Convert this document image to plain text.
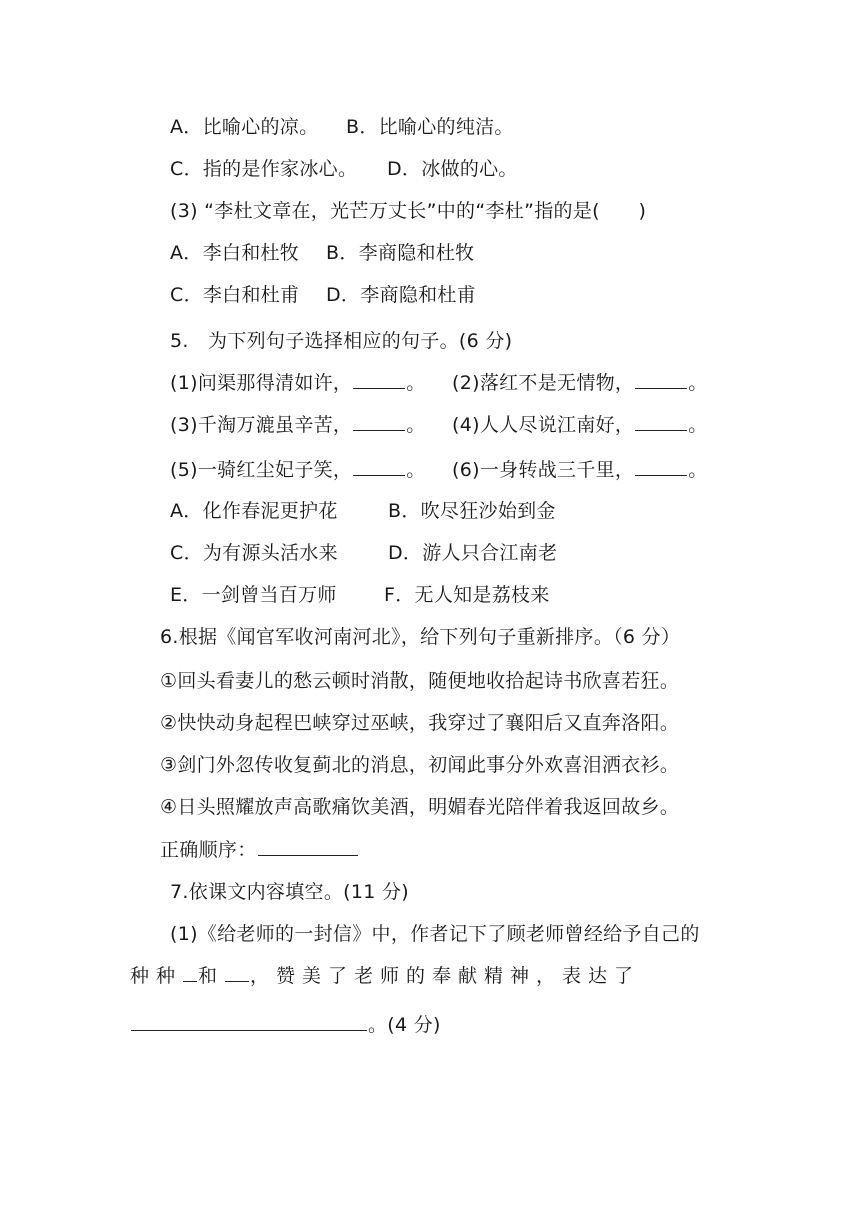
A．比喻心的凉。 B．比喻心的纯洁。
C．指的是作家冰心。 D．冰做的心。
(3) “李杜文章在，光芒万丈长”中的“李杜”指的是(　　)
A．李白和杜牧 B．李商隐和杜牧
C．李白和杜甫 D．李商隐和杜甫
5.　为下列句子选择相应的句子。(6 分)
(1)问渠那得清如许，	。 (2)落红不是无情物，	。
(3)千淘万漉虽辛苦，	。 (4)人人尽说江南好，	。
(5)一骑红尘妃子笑，	。 (6)一身转战三千里，	。
A．化作春泥更护花	B．吹尽狂沙始到金
C．为有源头活水来	D．游人只合江南老
E．一剑曾当百万师 F．无人知是荔枝来
6.根据《闻官军收河南河北》，给下列句子重新排序。（6 分）
①回头看妻儿的愁云顿时消散，随便地收拾起诗书欣喜若狂。
②快快动身起程巴峡穿过巫峡，我穿过了襄阳后又直奔洛阳。
③剑门外忽传收复蓟北的消息，初闻此事分外欢喜泪洒衣衫。
④日头照耀放声高歌痛饮美酒，明媚春光陪伴着我返回故乡。
正确顺序：
7.依课文内容填空。(11 分)
(1)《给老师的一封信》中，作者记下了顾老师曾经给予自己的
种种 和 ，赞美了老师的奉献精神，表达了
。(4 分)
